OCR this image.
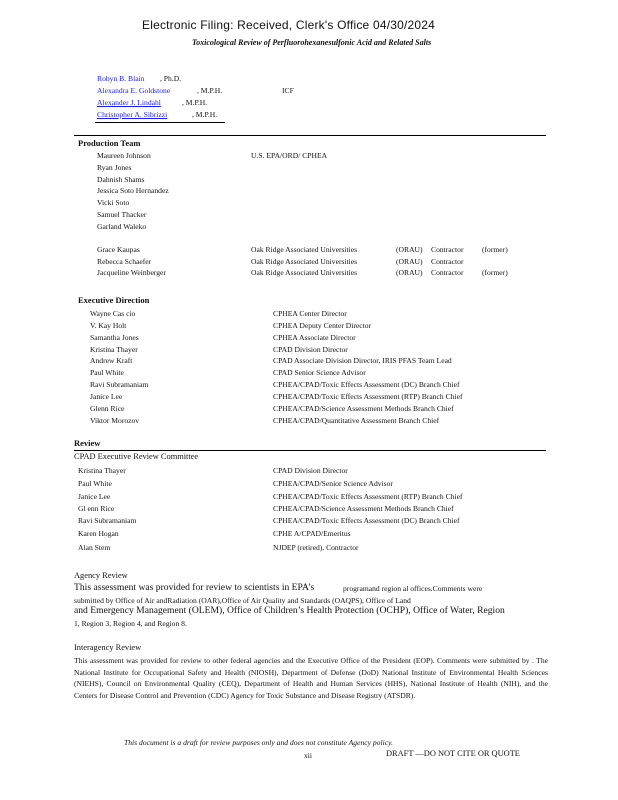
Electronic Filing: Received, Clerk's Office 04/30/2024
Toxicological Review of Perfluorohexanesulfonic Acid and Related Salts
Robyn B. Blain , Ph.D.
Alexandra E. Goldstone	, M.P.H.	ICF
Alexander J. Lindahl	, M.P.H.
Christopher A. Sibrizzi	, M.P.H.
Production Team
Maureen Johnson	U.S. EPA/ORD/ CPHEA
Ryan Jones
Dahnish Shams
Jessica Soto Hernandez
Vicki Soto
Samuel Thacker
Garland Waleko
Grace Kaupas	Oak Ridge Associated Universities	(ORAU) Contractor (former)
Rebecca Schaefer	Oak Ridge Associated Universities	(ORAU) Contractor
Jacqueline Weinberger	Oak Ridge Associated Universities	(ORAU) Contractor (former)
Executive Direction
Wayne Cas cio	CPHEA Center Director
V. Kay Holt	CPHEA Deputy Center Director
Samantha Jones	CPHEA Associate Director
Kristina Thayer	CPAD Division Director
Andrew Kraft	CPAD Associate Division Director, IRIS PFAS Team Lead
Paul White	CPAD Senior Science Advisor
Ravi Subramaniam	CPHEA/CPAD/Toxic Effects Assessment (DC) Branch Chief
Janice Lee	CPHEA/CPAD/Toxic Effects Assessment (RTP) Branch Chief
Glenn Rice	CPHEA/CPAD/Science Assessment Methods Branch Chief
Viktor Morozov	CPHEA/CPAD/Quantitative Assessment Branch Chief
Review
CPAD Executive Review Committee
Kristina Thayer	CPAD Division Director
Paul White	CPHEA/CPAD/Senior Science Advisor
Janice Lee	CPHEA/CPAD/Toxic Effects Assessment (RTP) Branch Chief
Gl enn Rice	CPHEA/CPAD/Science Assessment Methods Branch Chief
Ravi Subramaniam	CPHEA/CPAD/Toxic Effects Assessment (DC) Branch Chief
Karen Hogan	CPHE A/CPAD/Emeritus
Alan Stem	NJDEP (retired), Contractor
Agency Review
This assessment was provided for review to scientists in EPA’s	programand region al offices.Comments were
submitted by Office of Air andRadiation (OAR),Office of Air Quality and Standards (OAQPS), Office of Land
and Emergency Management (OLEM), Office of Children’s Health Protection (OCHP), Office of Water, Region
1, Region 3, Region 4, and Region 8.
Interagency Review
This assessment was provided for review to other federal agencies and the Executive Office of the President (EOP). Comments were submitted by . The National Institute for Occupational Safety and Health (NIOSH), Department of Defense (DoD) National Institute of Environmental Health Sciences (NIEHS), Council on Environmental Quality (CEQ), Department of Health and Human Services (HHS), National Institute of Health (NIH), and the Centers for Disease Control and Prevention (CDC) Agency for Toxic Substance and Disease Registry (ATSDR).
This document is a draft for review purposes only and does not constitute Agency policy.
xii	DRAFT —DO NOT CITE OR QUOTE
